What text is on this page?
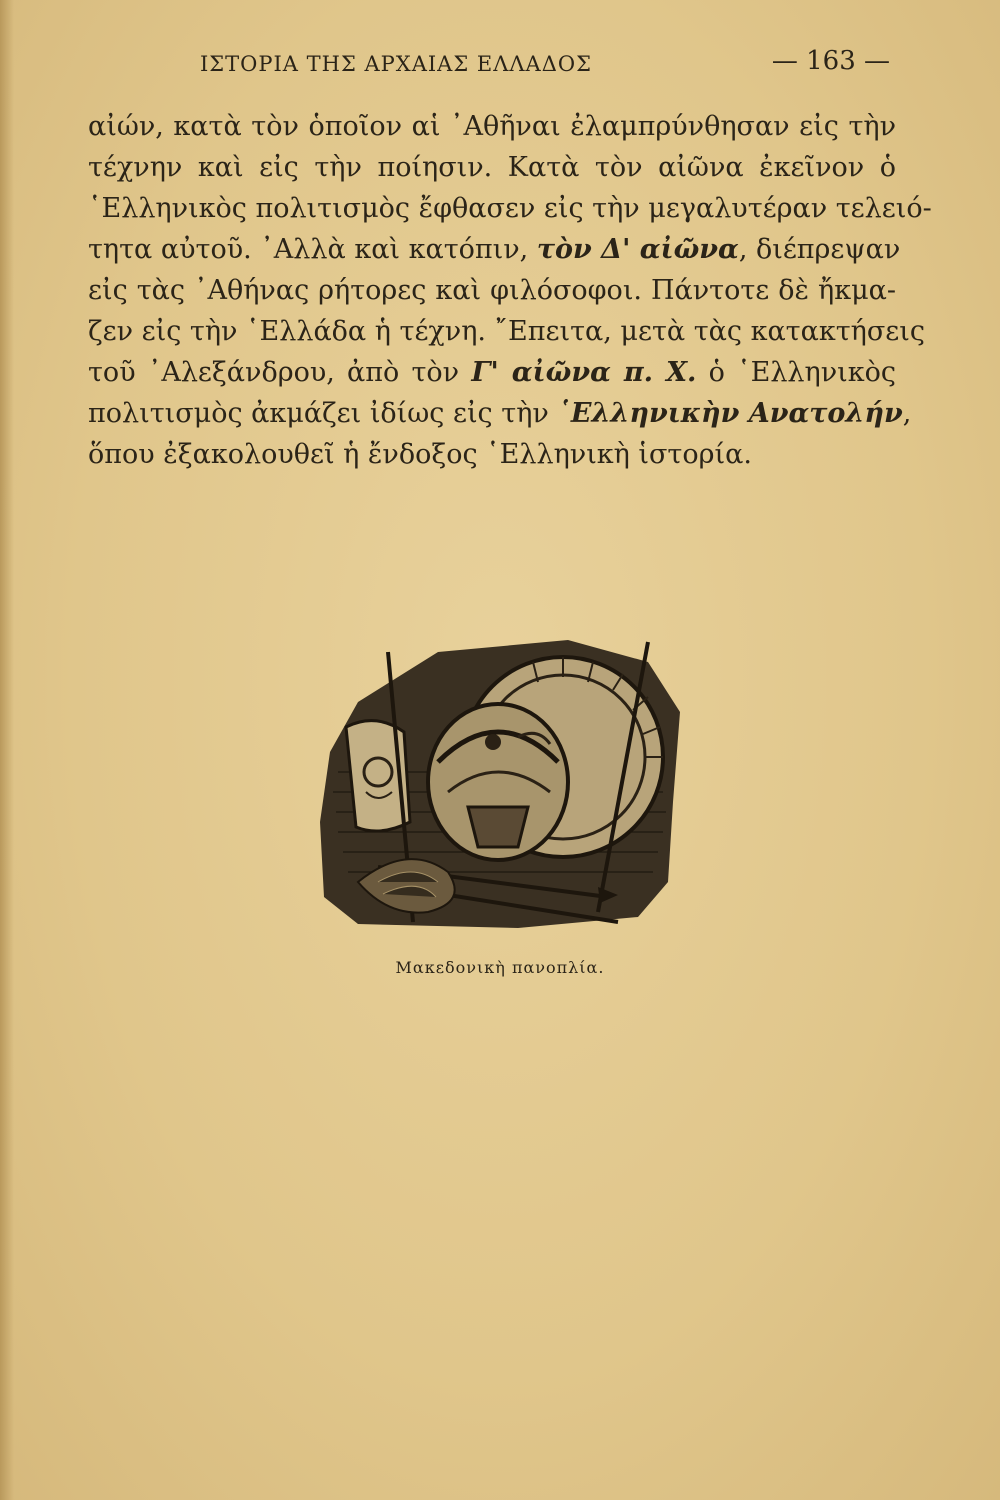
ΙΣΤΟΡΙΑ ΤΗΣ ΑΡΧΑΙΑΣ ΕΛΛΑΔΟΣ	— 163 —
αἰών, κατὰ τὸν ὁποῖον αἱ ᾿Αθῆναι ἐλαμπρύνθησαν εἰς τὴν
τέχνην καὶ εἰς τὴν ποίησιν. Κατὰ τὸν αἰῶνα ἐκεῖνον ὁ
῾Ελληνικὸς πολιτισμὸς ἔφθασεν εἰς τὴν μεγαλυτέραν τελειό-
τητα αὐτοῦ. ᾿Αλλὰ καὶ κατόπιν, τὸν Δ' αἰῶνα, διέπρεψαν
εἰς τὰς ᾿Αθήνας ρήτορες καὶ φιλόσοφοι. Πάντοτε δὲ ἤκμα-
ζεν εἰς τὴν ῾Ελλάδα ἡ τέχνη. ῎Επειτα, μετὰ τὰς κατακτήσεις
τοῦ ᾿Αλεξάνδρου, ἀπὸ τὸν Γ' αἰῶνα π. Χ. ὁ ῾Ελληνικὸς
πολιτισμὸς ἀκμάζει ἰδίως εἰς τὴν ῾Ελληνικὴν Ανατολήν,
ὅπου ἐξακολουθεῖ ἡ ἔνδοξος ῾Ελληνικὴ ἱστορία.
Μακεδονικὴ πανοπλία.
